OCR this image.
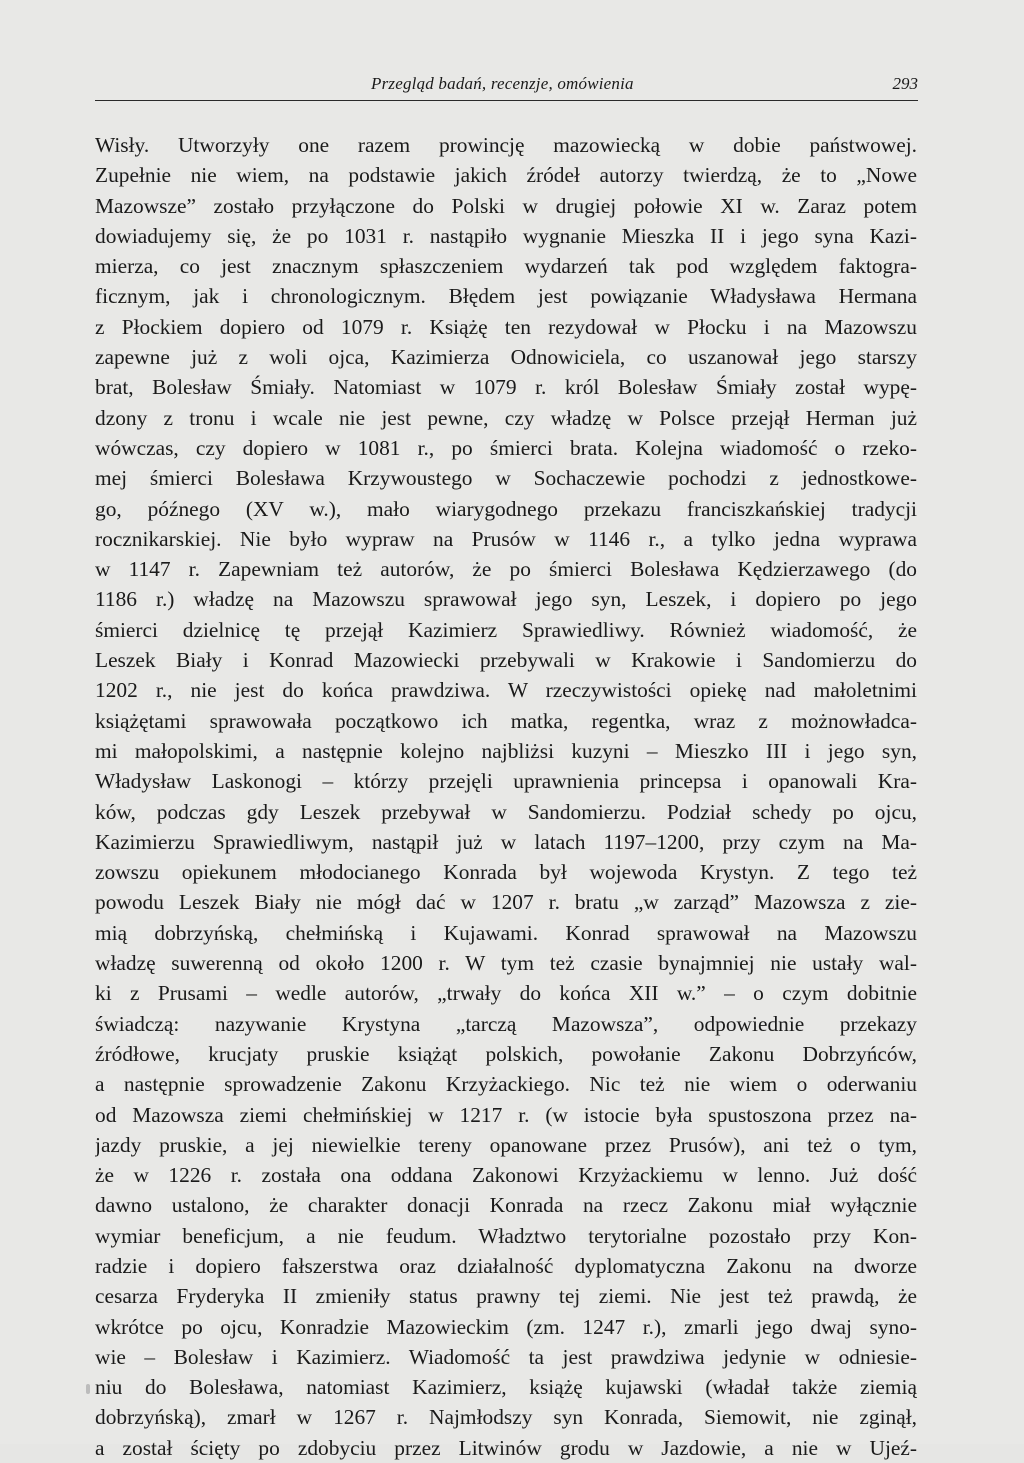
Przegląd badań, recenzje, omówienia	293
Wisły. Utworzyły one razem prowincję mazowiecką w dobie państwowej.
Zupełnie nie wiem, na podstawie jakich źródeł autorzy twierdzą, że to „Nowe
Mazowsze” zostało przyłączone do Polski w drugiej połowie XI w. Zaraz potem
dowiadujemy się, że po 1031 r. nastąpiło wygnanie Mieszka II i jego syna Kazi-
mierza, co jest znacznym spłaszczeniem wydarzeń tak pod względem faktogra-
ficznym, jak i chronologicznym. Błędem jest powiązanie Władysława Hermana
z Płockiem dopiero od 1079 r. Książę ten rezydował w Płocku i na Mazowszu
zapewne już z woli ojca, Kazimierza Odnowiciela, co uszanował jego starszy
brat, Bolesław Śmiały. Natomiast w 1079 r. król Bolesław Śmiały został wypę-
dzony z tronu i wcale nie jest pewne, czy władzę w Polsce przejął Herman już
wówczas, czy dopiero w 1081 r., po śmierci brata. Kolejna wiadomość o rzeko-
mej śmierci Bolesława Krzywoustego w Sochaczewie pochodzi z jednostkowe-
go, późnego (XV w.), mało wiarygodnego przekazu franciszkańskiej tradycji
rocznikarskiej. Nie było wypraw na Prusów w 1146 r., a tylko jedna wyprawa
w 1147 r. Zapewniam też autorów, że po śmierci Bolesława Kędzierzawego (do
1186 r.) władzę na Mazowszu sprawował jego syn, Leszek, i dopiero po jego
śmierci dzielnicę tę przejął Kazimierz Sprawiedliwy. Również wiadomość, że
Leszek Biały i Konrad Mazowiecki przebywali w Krakowie i Sandomierzu do
1202 r., nie jest do końca prawdziwa. W rzeczywistości opiekę nad małoletnimi
książętami sprawowała początkowo ich matka, regentka, wraz z możnowładca-
mi małopolskimi, a następnie kolejno najbliżsi kuzyni – Mieszko III i jego syn,
Władysław Laskonogi – którzy przejęli uprawnienia princepsa i opanowali Kra-
ków, podczas gdy Leszek przebywał w Sandomierzu. Podział schedy po ojcu,
Kazimierzu Sprawiedliwym, nastąpił już w latach 1197–1200, przy czym na Ma-
zowszu opiekunem młodocianego Konrada był wojewoda Krystyn. Z tego też
powodu Leszek Biały nie mógł dać w 1207 r. bratu „w zarząd” Mazowsza z zie-
mią dobrzyńską, chełmińską i Kujawami. Konrad sprawował na Mazowszu
władzę suwerenną od około 1200 r. W tym też czasie bynajmniej nie ustały wal-
ki z Prusami – wedle autorów, „trwały do końca XII w.” – o czym dobitnie
świadczą: nazywanie Krystyna „tarczą Mazowsza”, odpowiednie przekazy
źródłowe, krucjaty pruskie książąt polskich, powołanie Zakonu Dobrzyńców,
a następnie sprowadzenie Zakonu Krzyżackiego. Nic też nie wiem o oderwaniu
od Mazowsza ziemi chełmińskiej w 1217 r. (w istocie była spustoszona przez na-
jazdy pruskie, a jej niewielkie tereny opanowane przez Prusów), ani też o tym,
że w 1226 r. została ona oddana Zakonowi Krzyżackiemu w lenno. Już dość
dawno ustalono, że charakter donacji Konrada na rzecz Zakonu miał wyłącznie
wymiar beneficjum, a nie feudum. Władztwo terytorialne pozostało przy Kon-
radzie i dopiero fałszerstwa oraz działalność dyplomatyczna Zakonu na dworze
cesarza Fryderyka II zmieniły status prawny tej ziemi. Nie jest też prawdą, że
wkrótce po ojcu, Konradzie Mazowieckim (zm. 1247 r.), zmarli jego dwaj syno-
wie – Bolesław i Kazimierz. Wiadomość ta jest prawdziwa jedynie w odniesie-
niu do Bolesława, natomiast Kazimierz, książę kujawski (władał także ziemią
dobrzyńską), zmarł w 1267 r. Najmłodszy syn Konrada, Siemowit, nie zginął,
a został ścięty po zdobyciu przez Litwinów grodu w Jazdowie, a nie w Ujeź-
